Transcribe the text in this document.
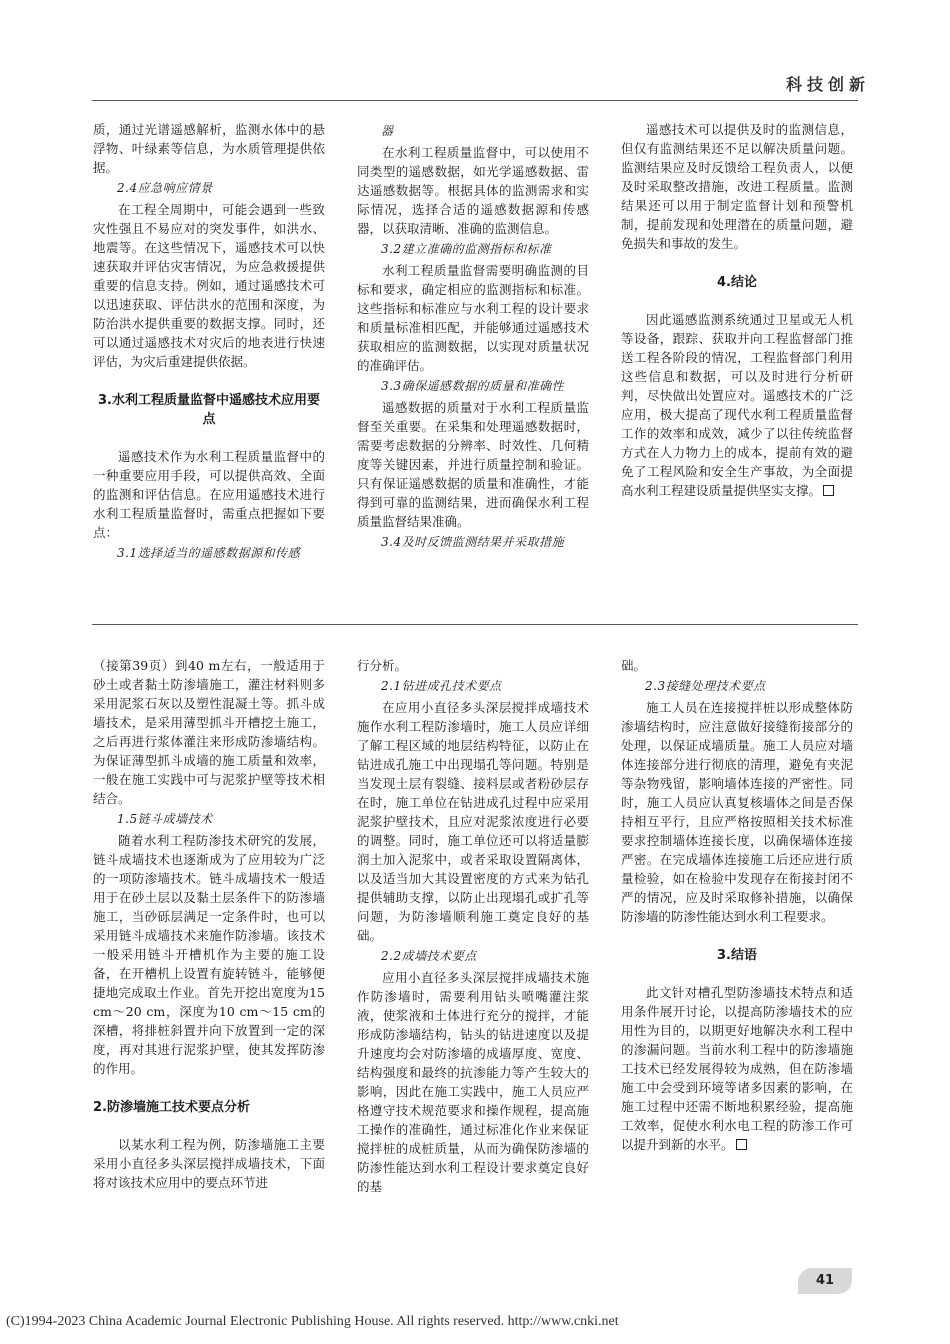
科技创新

质，通过光谱遥感解析，监测水体中的悬浮物、叶绿素等信息，为水质管理提供依据。

2.4应急响应情景

在工程全周期中，可能会遇到一些致灾性强且不易应对的突发事件，如洪水、地震等。在这些情况下，遥感技术可以快速获取并评估灾害情况，为应急救援提供重要的信息支持。例如，通过遥感技术可以迅速获取、评估洪水的范围和深度，为防治洪水提供重要的数据支撑。同时，还可以通过遥感技术对灾后的地表进行快速评估，为灾后重建提供依据。

3.水利工程质量监督中遥感技术应用要点

遥感技术作为水利工程质量监督中的一种重要应用手段，可以提供高效、全面的监测和评估信息。在应用遥感技术进行水利工程质量监督时，需重点把握如下要点：

3.1选择适当的遥感数据源和传感
器

在水利工程质量监督中，可以使用不同类型的遥感数据，如光学遥感数据、雷达遥感数据等。根据具体的监测需求和实际情况，选择合适的遥感数据源和传感器，以获取清晰、准确的监测信息。

3.2建立准确的监测指标和标准

水利工程质量监督需要明确监测的目标和要求，确定相应的监测指标和标准。这些指标和标准应与水利工程的设计要求和质量标准相匹配，并能够通过遥感技术获取相应的监测数据，以实现对质量状况的准确评估。

3.3确保遥感数据的质量和准确性

遥感数据的质量对于水利工程质量监督至关重要。在采集和处理遥感数据时，需要考虑数据的分辨率、时效性、几何精度等关键因素，并进行质量控制和验证。只有保证遥感数据的质量和准确性，才能得到可靠的监测结果，进而确保水利工程质量监督结果准确。

3.4及时反馈监测结果并采取措施

遥感技术可以提供及时的监测信息，但仅有监测结果还不足以解决质量问题。监测结果应及时反馈给工程负责人，以便及时采取整改措施，改进工程质量。监测结果还可以用于制定监督计划和预警机制，提前发现和处理潜在的质量问题，避免损失和事故的发生。

4.结论

因此遥感监测系统通过卫星或无人机等设备，跟踪、获取并向工程监督部门推送工程各阶段的情况，工程监督部门利用这些信息和数据，可以及时进行分析研判，尽快做出处置应对。遥感技术的广泛应用，极大提高了现代水利工程质量监督工作的效率和成效，减少了以往传统监督方式在人力物力上的成本，提前有效的避免了工程风险和安全生产事故，为全面提高水利工程建设质量提供坚实支撑。

（接第39页）到40 m左右，一般适用于砂土或者黏土防渗墙施工，灌注材料则多采用泥浆石灰以及塑性混凝土等。抓斗成墙技术，是采用薄型抓斗开槽挖土施工，之后再进行浆体灌注来形成防渗墙结构。为保证薄型抓斗成墙的施工质量和效率，一般在施工实践中可与泥浆护壁等技术相结合。

1.5链斗成墙技术

随着水利工程防渗技术研究的发展，链斗成墙技术也逐渐成为了应用较为广泛的一项防渗墙技术。链斗成墙技术一般适用于在砂土层以及黏土层条件下的防渗墙施工，当砂砾层满足一定条件时，也可以采用链斗成墙技术来施作防渗墙。该技术一般采用链斗开槽机作为主要的施工设备，在开槽机上设置有旋转链斗，能够便捷地完成取土作业。首先开挖出宽度为15 cm～20 cm，深度为10 cm～15 cm的深槽，将排桩斜置并向下放置到一定的深度，再对其进行泥浆护壁，使其发挥防渗的作用。

2.防渗墙施工技术要点分析

以某水利工程为例，防渗墙施工主要采用小直径多头深层搅拌成墙技术，下面将对该技术应用中的要点环节进

行分析。

2.1钻进成孔技术要点

在应用小直径多头深层搅拌成墙技术施作水利工程防渗墙时，施工人员应详细了解工程区域的地层结构特征，以防止在钻进成孔施工中出现塌孔等问题。特别是当发现土层有裂缝、接料层或者粉砂层存在时，施工单位在钻进成孔过程中应采用泥浆护壁技术，且应对泥浆浓度进行必要的调整。同时，施工单位还可以将适量膨润土加入泥浆中，或者采取设置隔离体，以及适当加大其设置密度的方式来为钻孔提供辅助支撑，以防止出现塌孔或扩孔等问题，为防渗墙顺利施工奠定良好的基础。

2.2成墙技术要点

应用小直径多头深层搅拌成墙技术施作防渗墙时，需要利用钻头喷嘴灌注浆液，使浆液和土体进行充分的搅拌，才能形成防渗墙结构，钻头的钻进速度以及提升速度均会对防渗墙的成墙厚度、宽度、结构强度和最终的抗渗能力等产生较大的影响，因此在施工实践中，施工人员应严格遵守技术规范要求和操作规程，提高施工操作的准确性，通过标准化作业来保证搅拌桩的成桩质量，从而为确保防渗墙的防渗性能达到水利工程设计要求奠定良好的基

础。

2.3接缝处理技术要点

施工人员在连接搅拌桩以形成整体防渗墙结构时，应注意做好接缝衔接部分的处理，以保证成墙质量。施工人员应对墙体连接部分进行彻底的清理，避免有夹泥等杂物残留，影响墙体连接的严密性。同时，施工人员应认真复核墙体之间是否保持相互平行，且应严格按照相关技术标准要求控制墙体连接长度，以确保墙体连接严密。在完成墙体连接施工后还应进行质量检验，如在检验中发现存在衔接封闭不严的情况，应及时采取修补措施，以确保防渗墙的防渗性能达到水利工程要求。

3.结语

此文针对槽孔型防渗墙技术特点和适用条件展开讨论，以提高防渗墙技术的应用性为目的，以期更好地解决水利工程中的渗漏问题。当前水利工程中的防渗墙施工技术已经发展得较为成熟，但在防渗墙施工中会受到环境等诸多因素的影响，在施工过程中还需不断地积累经验，提高施工效率，促使水利水电工程的防渗工作可以提升到新的水平。

41
(C)1994-2023 China Academic Journal Electronic Publishing House. All rights reserved. http://www.cnki.net
